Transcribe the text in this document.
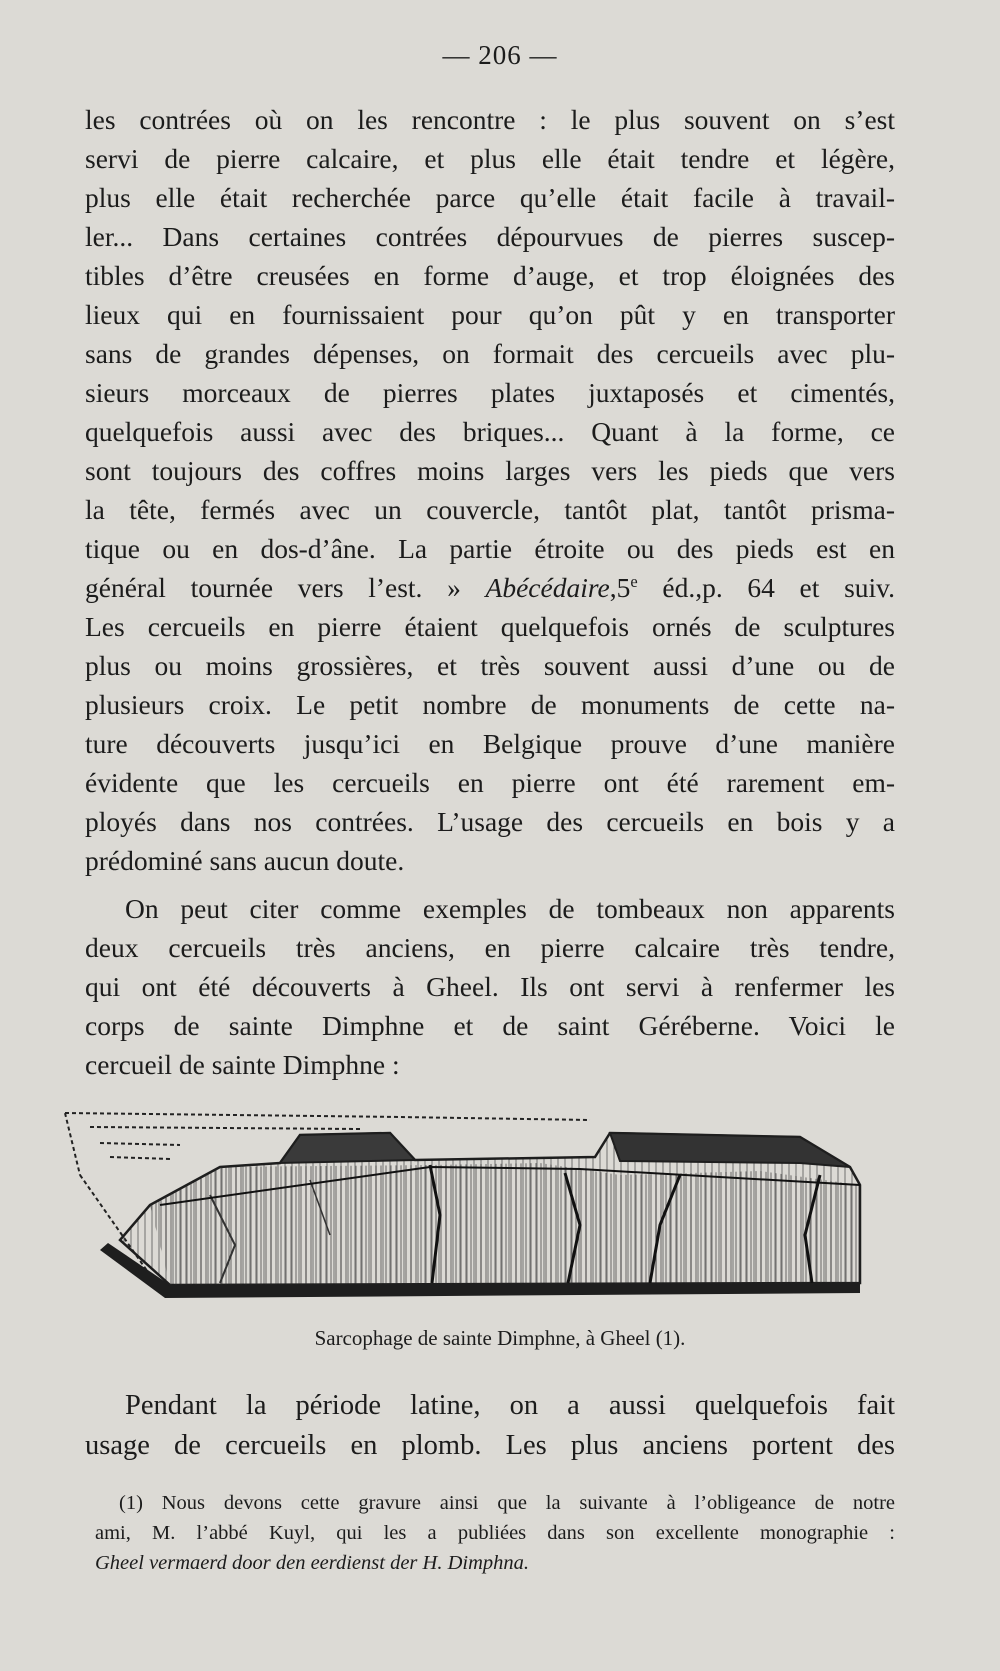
— 206 —
les contrées où on les rencontre : le plus souvent on s’est
servi de pierre calcaire, et plus elle était tendre et légère,
plus elle était recherchée parce qu’elle était facile à travail-
ler... Dans certaines contrées dépourvues de pierres suscep-
tibles d’être creusées en forme d’auge, et trop éloignées des
lieux qui en fournissaient pour qu’on pût y en transporter
sans de grandes dépenses, on formait des cercueils avec plu-
sieurs morceaux de pierres plates juxtaposés et cimentés,
quelquefois aussi avec des briques... Quant à la forme, ce
sont toujours des coffres moins larges vers les pieds que vers
la tête, fermés avec un couvercle, tantôt plat, tantôt prisma-
tique ou en dos-d’âne. La partie étroite ou des pieds est en
général tournée vers l’est. » Abécédaire,5e éd.,p. 64 et suiv.
Les cercueils en pierre étaient quelquefois ornés de sculptures
plus ou moins grossières, et très souvent aussi d’une ou de
plusieurs croix. Le petit nombre de monuments de cette na-
ture découverts jusqu’ici en Belgique prouve d’une manière
évidente que les cercueils en pierre ont été rarement em-
ployés dans nos contrées. L’usage des cercueils en bois y a
prédominé sans aucun doute.
On peut citer comme exemples de tombeaux non apparents
deux cercueils très anciens, en pierre calcaire très tendre,
qui ont été découverts à Gheel. Ils ont servi à renfermer les
corps de sainte Dimphne et de saint Géréberne. Voici le
cercueil de sainte Dimphne :
Sarcophage de sainte Dimphne, à Gheel (1).
Pendant la période latine, on a aussi quelquefois fait
usage de cercueils en plomb. Les plus anciens portent des
(1) Nous devons cette gravure ainsi que la suivante à l’obligeance de notre
ami, M. l’abbé Kuyl, qui les a publiées dans son excellente monographie :
Gheel vermaerd door den eerdienst der H. Dimphna.
